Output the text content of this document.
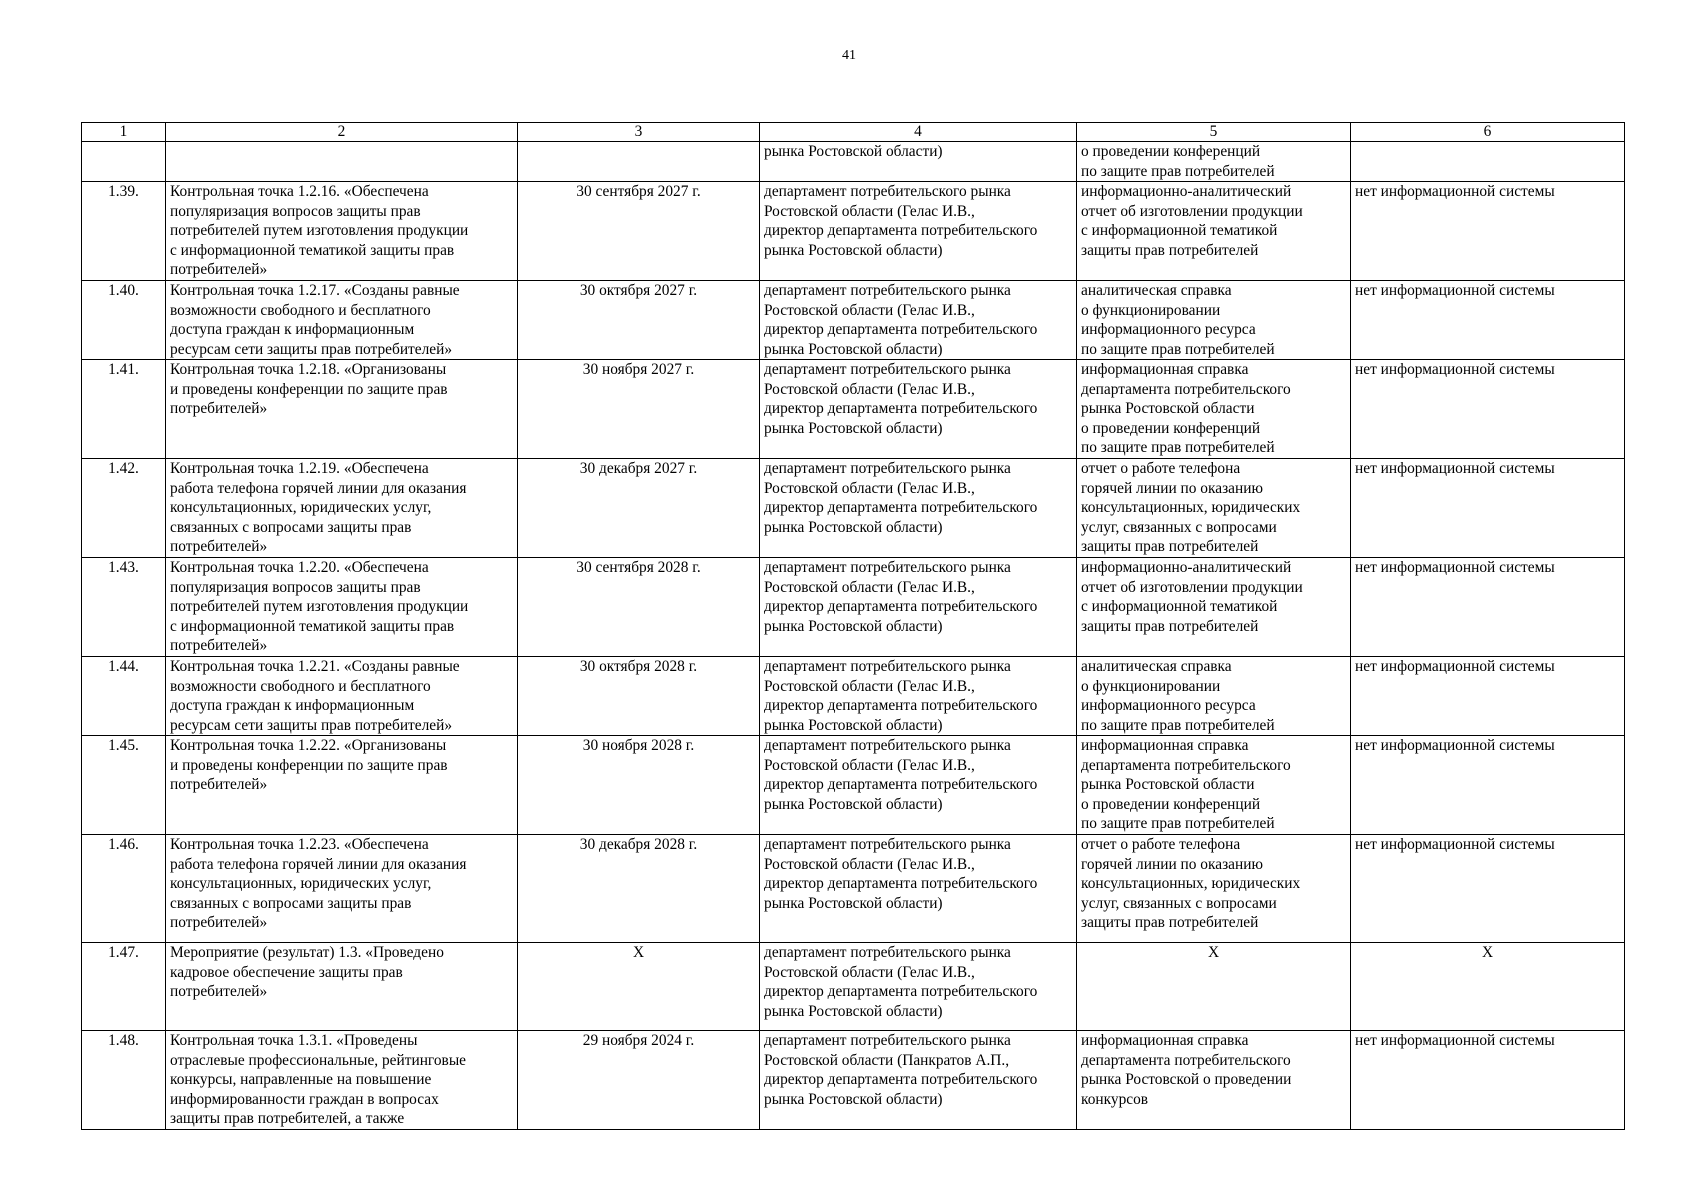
41
1	2	3	4	5	6

			рынка Ростовской области)	о проведении конференций
по защите прав потребителей	

1.39.	Контрольная точка 1.2.16. «Обеспечена
популяризация вопросов защиты прав
потребителей путем изготовления продукции
с информационной тематикой защиты прав
потребителей»	30 сентября 2027 г.	департамент потребительского рынка
Ростовской области (Гелас И.В.,
директор департамента потребительского
рынка Ростовской области)	информационно-аналитический
отчет об изготовлении продукции
с информационной тематикой
защиты прав потребителей	нет информационной системы
1.40.	Контрольная точка 1.2.17. «Созданы равные
возможности свободного и бесплатного
доступа граждан к информационным
ресурсам сети защиты прав потребителей»	30 октября 2027 г.	департамент потребительского рынка
Ростовской области (Гелас И.В.,
директор департамента потребительского
рынка Ростовской области)	аналитическая справка
о функционировании
информационного ресурса
по защите прав потребителей	нет информационной системы
1.41.	Контрольная точка 1.2.18. «Организованы
и проведены конференции по защите прав
потребителей»	30 ноября 2027 г.	департамент потребительского рынка
Ростовской области (Гелас И.В.,
директор департамента потребительского
рынка Ростовской области)	информационная справка
департамента потребительского
рынка Ростовской области
о проведении конференций
по защите прав потребителей	нет информационной системы
1.42.	Контрольная точка 1.2.19. «Обеспечена
работа телефона горячей линии для оказания
консультационных, юридических услуг,
связанных с вопросами защиты прав
потребителей»	30 декабря 2027 г.	департамент потребительского рынка
Ростовской области (Гелас И.В.,
директор департамента потребительского
рынка Ростовской области)	отчет о работе телефона
горячей линии по оказанию
консультационных, юридических
услуг, связанных с вопросами
защиты прав потребителей	нет информационной системы
1.43.	Контрольная точка 1.2.20. «Обеспечена
популяризация вопросов защиты прав
потребителей путем изготовления продукции
с информационной тематикой защиты прав
потребителей»	30 сентября 2028 г.	департамент потребительского рынка
Ростовской области (Гелас И.В.,
директор департамента потребительского
рынка Ростовской области)	информационно-аналитический
отчет об изготовлении продукции
с информационной тематикой
защиты прав потребителей	нет информационной системы
1.44.	Контрольная точка 1.2.21. «Созданы равные
возможности свободного и бесплатного
доступа граждан к информационным
ресурсам сети защиты прав потребителей»	30 октября 2028 г.	департамент потребительского рынка
Ростовской области (Гелас И.В.,
директор департамента потребительского
рынка Ростовской области)	аналитическая справка
о функционировании
информационного ресурса
по защите прав потребителей	нет информационной системы
1.45.	Контрольная точка 1.2.22. «Организованы
и проведены конференции по защите прав
потребителей»	30 ноября 2028 г.	департамент потребительского рынка
Ростовской области (Гелас И.В.,
директор департамента потребительского
рынка Ростовской области)	информационная справка
департамента потребительского
рынка Ростовской области
о проведении конференций
по защите прав потребителей	нет информационной системы
1.46.	Контрольная точка 1.2.23. «Обеспечена
работа телефона горячей линии для оказания
консультационных, юридических услуг,
связанных с вопросами защиты прав
потребителей»	30 декабря 2028 г.	департамент потребительского рынка
Ростовской области (Гелас И.В.,
директор департамента потребительского
рынка Ростовской области)	отчет о работе телефона
горячей линии по оказанию
консультационных, юридических
услуг, связанных с вопросами
защиты прав потребителей	нет информационной системы
1.47.	Мероприятие (результат) 1.3. «Проведено
кадровое обеспечение защиты прав
потребителей»	X	департамент потребительского рынка
Ростовской области (Гелас И.В.,
директор департамента потребительского
рынка Ростовской области)	X	X
1.48.	Контрольная точка 1.3.1. «Проведены
отраслевые профессиональные, рейтинговые
конкурсы, направленные на повышение
информированности граждан в вопросах
защиты прав потребителей, а также	29 ноября 2024 г.	департамент потребительского рынка
Ростовской области (Панкратов А.П.,
директор департамента потребительского
рынка Ростовской области)	информационная справка
департамента потребительского
рынка Ростовской о проведении
конкурсов	нет информационной системы
